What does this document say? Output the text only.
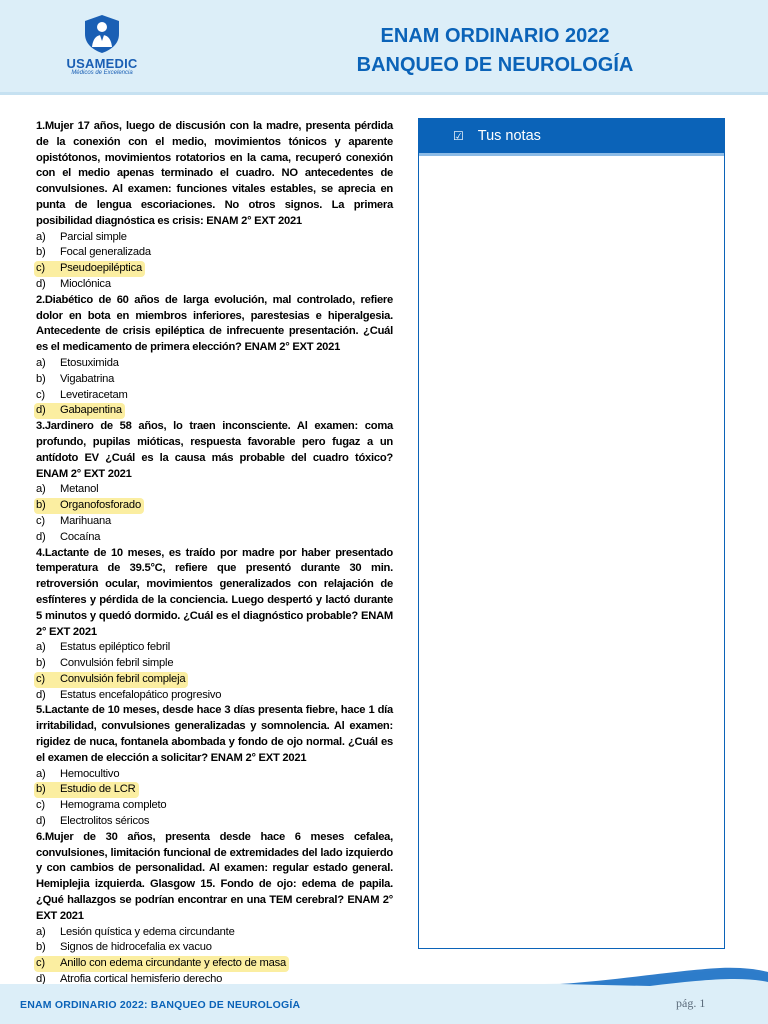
USAMEDIC
Médicos de Excelencia
ENAM ORDINARIO 2022
BANQUEO DE NEUROLOGÍA
1.Mujer 17 años, luego de discusión con la madre, presenta pérdida de la conexión con el medio, movimientos tónicos y aparente opistótonos, movimientos rotatorios en la cama, recuperó conexión con el medio apenas terminado el cuadro. NO antecedentes de convulsiones. Al examen: funciones vitales estables, se aprecia en punta de lengua escoriaciones. No otros signos. La primera posibilidad diagnóstica es crisis: ENAM 2° EXT 2021
a)	Parcial simple
b)	Focal generalizada
c)	Pseudoepiléptica
d)	Mioclónica
2.Diabético de 60 años de larga evolución, mal controlado, refiere dolor en bota en miembros inferiores, parestesias e hiperalgesia. Antecedente de crisis epiléptica de infrecuente presentación. ¿Cuál es el medicamento de primera elección? ENAM 2° EXT 2021
a)	Etosuximida
b)	Vigabatrina
c)	Levetiracetam
d)	Gabapentina
3.Jardinero de 58 años, lo traen inconsciente. Al examen: coma profundo, pupilas mióticas, respuesta favorable pero fugaz a un antídoto EV ¿Cuál es la causa más probable del cuadro tóxico? ENAM 2° EXT 2021
a)	Metanol
b)	Organofosforado
c)	Marihuana
d)	Cocaína
4.Lactante de 10 meses, es traído por madre por haber presentado temperatura de 39.5°C, refiere que presentó durante 30 min. retroversión ocular, movimientos generalizados con relajación de esfínteres y pérdida de la conciencia. Luego despertó y lactó durante 5 minutos y quedó dormido. ¿Cuál es el diagnóstico probable? ENAM 2° EXT 2021
a)	Estatus epiléptico febril
b)	Convulsión febril simple
c)	Convulsión febril compleja
d)	Estatus encefalopático progresivo
5.Lactante de 10 meses, desde hace 3 días presenta fiebre, hace 1 día irritabilidad, convulsiones generalizadas y somnolencia. Al examen: rigidez de nuca, fontanela abombada y fondo de ojo normal. ¿Cuál es el examen de elección a solicitar? ENAM 2° EXT 2021
a)	Hemocultivo
b)	Estudio de LCR
c)	Hemograma completo
d)	Electrolitos séricos
6.Mujer de 30 años, presenta desde hace 6 meses cefalea, convulsiones, limitación funcional de extremidades del lado izquierdo y con cambios de personalidad. Al examen: regular estado general. Hemiplejia izquierda. Glasgow 15. Fondo de ojo: edema de papila. ¿Qué hallazgos se podrían encontrar en una TEM cerebral? ENAM 2° EXT 2021
a)	Lesión quística y edema circundante
b)	Signos de hidrocefalia ex vacuo
c)	Anillo con edema circundante y efecto de masa
d)	Atrofia cortical hemisferio derecho
☑ Tus notas
ENAM ORDINARIO 2022: BANQUEO DE NEUROLOGÍA	pág. 1
